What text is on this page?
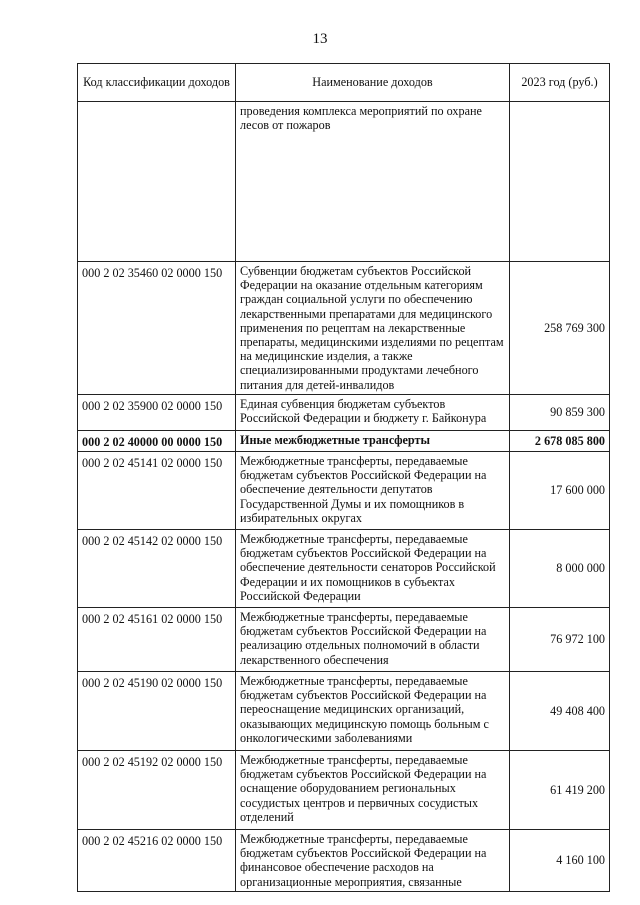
13
Код классификации доходов	Наименование доходов	2023 год (руб.)
	проведения комплекса мероприятий по охране лесов от пожаров	
000 2 02 35460 02 0000 150	Субвенции бюджетам субъектов Российской Федерации на оказание отдельным категориям граждан социальной услуги по обеспечению лекарственными препаратами для медицинского применения по рецептам на лекарственные препараты, медицинскими изделиями по рецептам на медицинские изделия, а также специализированными продуктами лечебного питания для детей-инвалидов	258 769 300
000 2 02 35900 02 0000 150	Единая субвенция бюджетам субъектов Российской Федерации и бюджету г. Байконура	90 859 300
000 2 02 40000 00 0000 150	Иные межбюджетные трансферты	2 678 085 800
000 2 02 45141 02 0000 150	Межбюджетные трансферты, передаваемые бюджетам субъектов Российской Федерации на обеспечение деятельности депутатов Государственной Думы и их помощников в избирательных округах	17 600 000
000 2 02 45142 02 0000 150	Межбюджетные трансферты, передаваемые бюджетам субъектов Российской Федерации на обеспечение деятельности сенаторов Российской Федерации и их помощников в субъектах Российской Федерации	8 000 000
000 2 02 45161 02 0000 150	Межбюджетные трансферты, передаваемые бюджетам субъектов Российской Федерации на реализацию отдельных полномочий в области лекарственного обеспечения	76 972 100
000 2 02 45190 02 0000 150	Межбюджетные трансферты, передаваемые бюджетам субъектов Российской Федерации на переоснащение медицинских организаций, оказывающих медицинскую помощь больным с онкологическими заболеваниями	49 408 400
000 2 02 45192 02 0000 150	Межбюджетные трансферты, передаваемые бюджетам субъектов Российской Федерации на оснащение оборудованием региональных сосудистых центров и первичных сосудистых отделений	61 419 200
000 2 02 45216 02 0000 150	Межбюджетные трансферты, передаваемые бюджетам субъектов Российской Федерации на финансовое обеспечение расходов на организационные мероприятия, связанные	4 160 100
